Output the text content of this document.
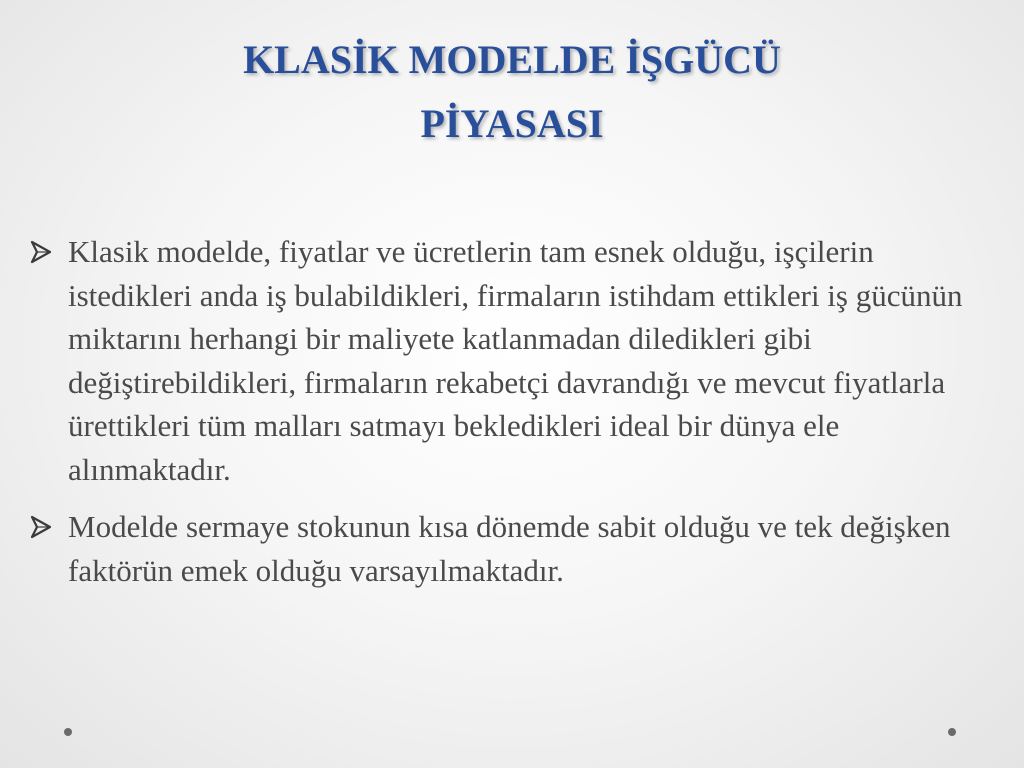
KLASİK MODELDE İŞGÜCÜ
PİYASASI
Klasik modelde, fiyatlar ve ücretlerin tam esnek olduğu, işçilerin istedikleri anda iş bulabildikleri, firmaların istihdam ettikleri iş gücünün miktarını herhangi bir maliyete katlanmadan diledikleri gibi değiştirebildikleri, firmaların rekabetçi davrandığı ve mevcut fiyatlarla ürettikleri tüm malları satmayı bekledikleri ideal bir dünya ele alınmaktadır.
Modelde sermaye stokunun kısa dönemde sabit olduğu ve tek değişken faktörün emek olduğu varsayılmaktadır.
